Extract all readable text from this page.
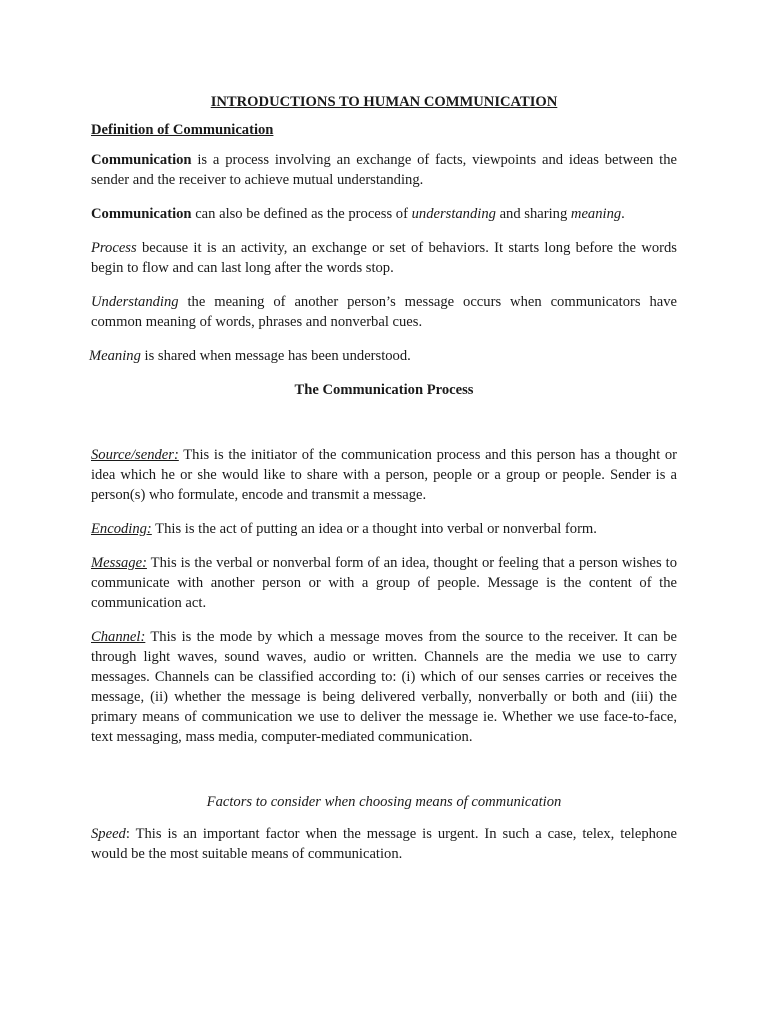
INTRODUCTIONS TO HUMAN COMMUNICATION
Definition of Communication

Communication is a process involving an exchange of facts, viewpoints and ideas between the sender and the receiver to achieve mutual understanding.

Communication can also be defined as the process of understanding and sharing meaning.

Process because it is an activity, an exchange or set of behaviors. It starts long before the words begin to flow and can last long after the words stop.

Understanding the meaning of another person’s message occurs when communicators have common meaning of words, phrases and nonverbal cues.

Meaning is shared when message has been understood.

The Communication Process

Source/sender: This is the initiator of the communication process and this person has a thought or idea which he or she would like to share with a person, people or a group or people. Sender is a person(s) who formulate, encode and transmit a message.

Encoding: This is the act of putting an idea or a thought into verbal or nonverbal form.

Message: This is the verbal or nonverbal form of an idea, thought or feeling that a person wishes to communicate with another person or with a group of people. Message is the content of the communication act.

Channel: This is the mode by which a message moves from the source to the receiver. It can be through light waves, sound waves, audio or written. Channels are the media we use to carry messages. Channels can be classified according to: (i) which of our senses carries or receives the message, (ii) whether the message is being delivered verbally, nonverbally or both and (iii) the primary means of communication we use to deliver the message ie. Whether we use face-to-face, text messaging, mass media, computer-mediated communication.

Factors to consider when choosing means of communication

Speed: This is an important factor when the message is urgent. In such a case, telex, telephone would be the most suitable means of communication.
